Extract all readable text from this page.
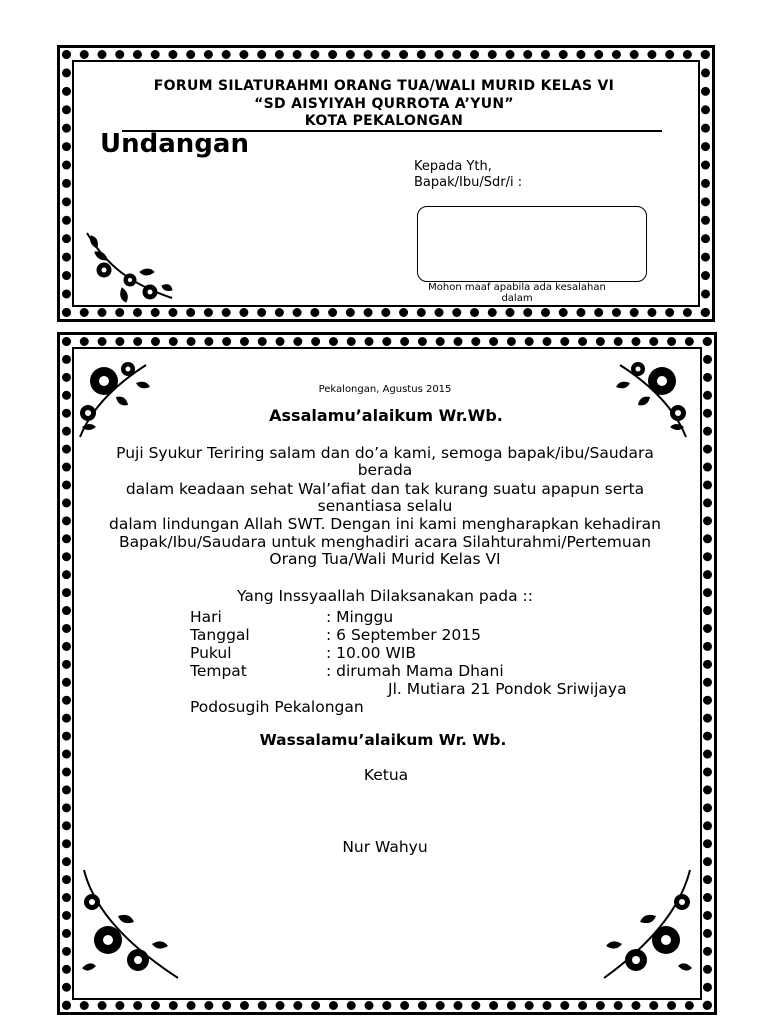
FORUM SILATURAHMI ORANG TUA/WALI MURID KELAS VI
“SD AISYIYAH QURROTA A’YUN”
KOTA PEKALONGAN
Undangan
Kepada Yth,
Bapak/Ibu/Sdr/i :
Mohon maaf apabila ada kesalahan
dalam
Pekalongan, Agustus 2015
Assalamu’alaikum Wr.Wb.
Puji Syukur Teriring salam dan do’a kami, semoga bapak/ibu/Saudara
berada
dalam keadaan sehat Wal’afiat dan tak kurang suatu apapun serta
senantiasa selalu
dalam lindungan Allah SWT. Dengan ini kami mengharapkan kehadiran
Bapak/Ibu/Saudara untuk menghadiri acara Silahturahmi/Pertemuan
Orang Tua/Wali Murid Kelas VI
Yang Inssyaallah Dilaksanakan pada ::
Hari	: Minggu
Tanggal	: 6 September 2015
Pukul	: 10.00 WIB
Tempat	: dirumah Mama Dhani
Jl. Mutiara 21 Pondok Sriwijaya
Podosugih Pekalongan
Wassalamu’alaikum Wr. Wb.
Ketua
Nur Wahyu
